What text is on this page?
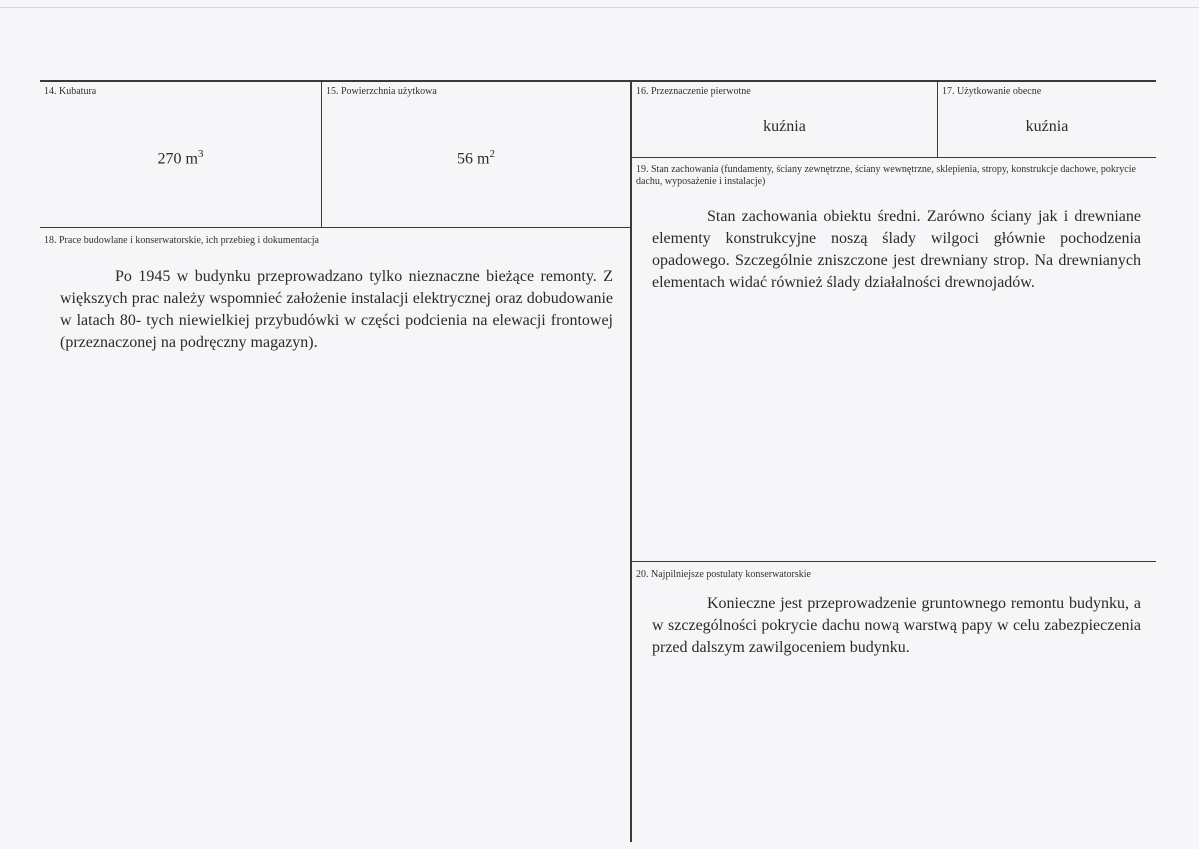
14. Kubatura
270 $m^3$
15. Powierzchnia użytkowa
56 $m^2$
16. Przeznaczenie pierwotne
kuźnia
17. Użytkowanie obecne
kuźnia
18. Prace budowlane i konserwatorskie, ich przebieg i dokumentacja

Po 1945 w budynku przeprowadzano tylko nieznaczne bieżące remonty. Z większych prac należy wspomnieć założenie instalacji elektrycznej oraz dobudowanie w latach 80- tych niewielkiej przybudówki w części podcienia na elewacji frontowej (przeznaczonej na podręczny magazyn).

19. Stan zachowania (fundamenty, ściany zewnętrzne, ściany wewnętrzne, sklepienia, stropy, konstrukcje dachowe, pokrycie dachu, wyposażenie i instalacje)

Stan zachowania obiektu średni. Zarówno ściany jak i drewniane elementy konstrukcyjne noszą ślady wilgoci głównie pochodzenia opadowego. Szczególnie zniszczone jest drewniany strop. Na drewnianych elementach widać również ślady działalności drewnojadów.

20. Najpilniejsze postulaty konserwatorskie

Konieczne jest przeprowadzenie gruntownego remontu budynku, a w szczególności pokrycie dachu nową warstwą papy w celu zabezpieczenia przed dalszym zawilgoceniem budynku.
